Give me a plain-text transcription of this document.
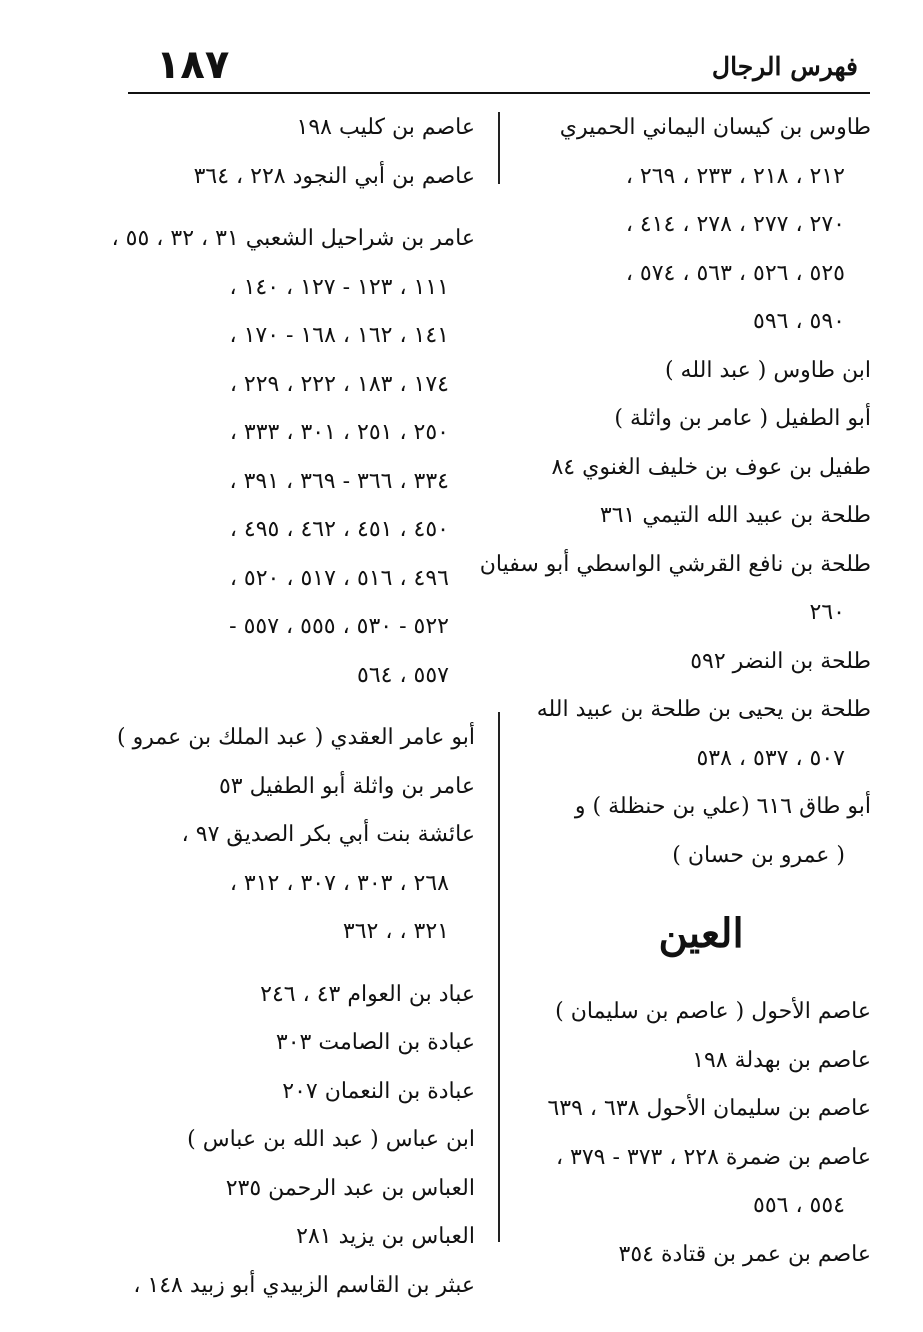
١٨٧	فهرس الرجال
طاوس بن كيسان اليماني الحميري
٢١٢ ، ٢١٨ ، ٢٣٣ ، ٢٦٩ ،
٢٧٠ ، ٢٧٧ ، ٢٧٨ ، ٤١٤ ،
٥٢٥ ، ٥٢٦ ، ٥٦٣ ، ٥٧٤ ،
٥٩٠ ، ٥٩٦
ابن طاوس ( عبد الله )
أبو الطفيل ( عامر بن واثلة )
طفيل بن عوف بن خليف الغنوي ٨٤
طلحة بن عبيد الله التيمي ٣٦١
طلحة بن نافع القرشي الواسطي أبو سفيان
٢٦٠
طلحة بن النضر ٥٩٢
طلحة بن يحيى بن طلحة بن عبيد الله
٥٠٧ ، ٥٣٧ ، ٥٣٨
أبو طاق ٦١٦ (علي بن حنظلة ) و
( عمرو بن حسان )
العين
عاصم الأحول ( عاصم بن سليمان )
عاصم بن بهدلة ١٩٨
عاصم بن سليمان الأحول ٦٣٨ ، ٦٣٩
عاصم بن ضمرة ٢٢٨ ، ٣٧٣ - ٣٧٩ ،
٥٥٤ ، ٥٥٦
عاصم بن عمر بن قتادة ٣٥٤
عاصم بن كليب ١٩٨
عاصم بن أبي النجود ٢٢٨ ، ٣٦٤
عامر بن شراحيل الشعبي ٣١ ، ٣٢ ، ٥٥ ،
١١١ ، ١٢٣ - ١٢٧ ، ١٤٠ ،
١٤١ ، ١٦٢ ، ١٦٨ - ١٧٠ ،
١٧٤ ، ١٨٣ ، ٢٢٢ ، ٢٢٩ ،
٢٥٠ ، ٢٥١ ، ٣٠١ ، ٣٣٣ ،
٣٣٤ ، ٣٦٦ - ٣٦٩ ، ٣٩١ ،
٤٥٠ ، ٤٥١ ، ٤٦٢ ، ٤٩٥ ،
٤٩٦ ، ٥١٦ ، ٥١٧ ، ٥٢٠ ،
٥٢٢ - ٥٣٠ ، ٥٥٥ ، ٥٥٧ -
٥٥٧ ، ٥٦٤
أبو عامر العقدي ( عبد الملك بن عمرو )
عامر بن واثلة أبو الطفيل ٥٣
عائشة بنت أبي بكر الصديق ٩٧ ،
٢٦٨ ، ٣٠٣ ، ٣٠٧ ، ٣١٢ ،
٣٢١ ، ، ٣٦٢
عباد بن العوام ٤٣ ، ٢٤٦
عبادة بن الصامت ٣٠٣
عبادة بن النعمان ٢٠٧
ابن عباس ( عبد الله بن عباس )
العباس بن عبد الرحمن ٢٣٥
العباس بن يزيد ٢٨١
عبثر بن القاسم الزبيدي أبو زبيد ١٤٨ ،
